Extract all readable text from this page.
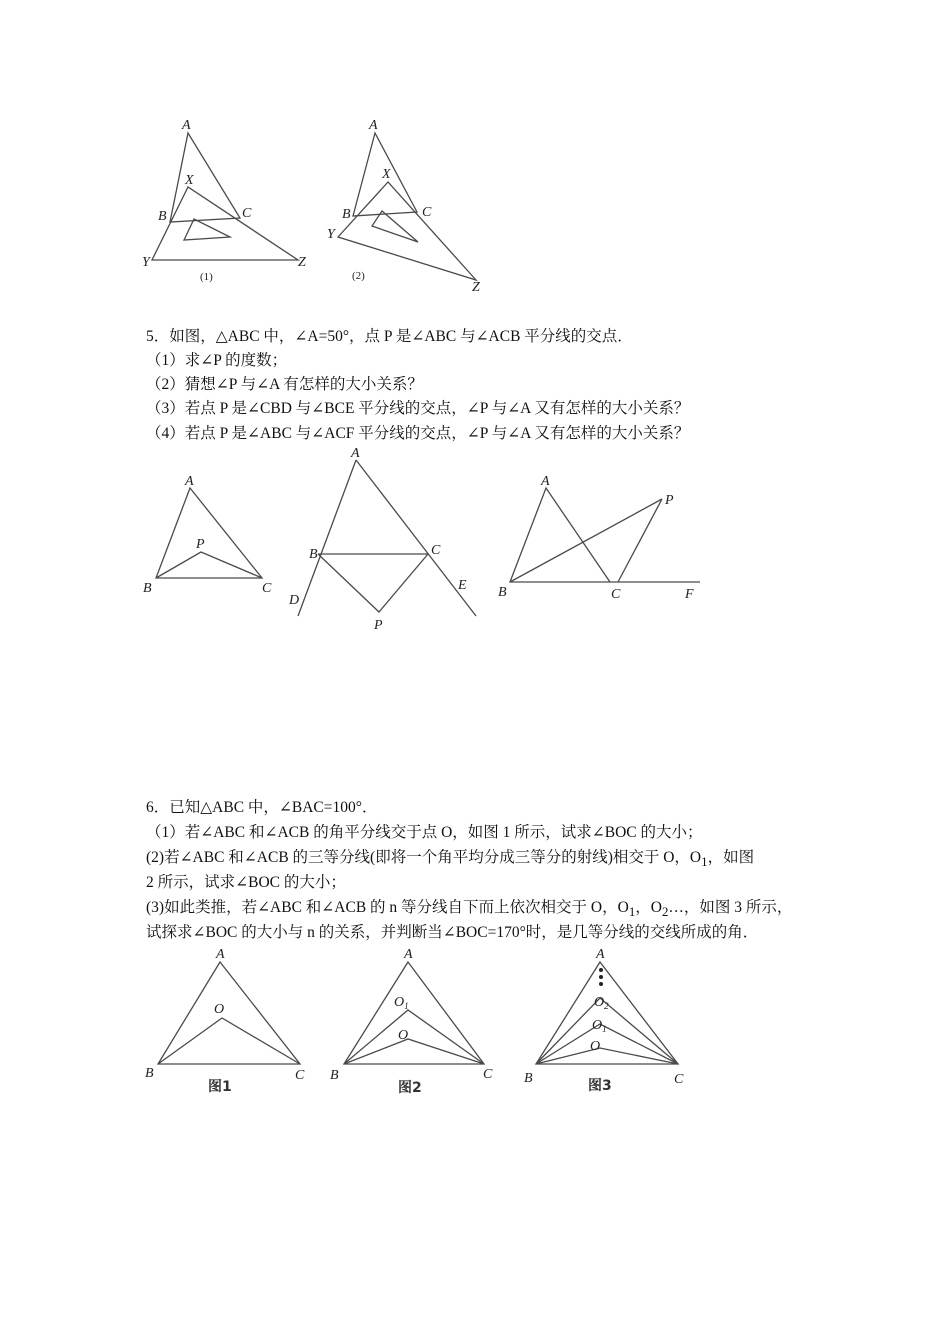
A
X
B	C
Y	Z
(1)
A
X
B	C
Y
Z
(2)
5．如图，△ABC 中，∠A=50°，点 P 是∠ABC 与∠ACB 平分线的交点．
（1）求∠P 的度数；
（2）猜想∠P 与∠A 有怎样的大小关系？
（3）若点 P 是∠CBD 与∠BCE 平分线的交点，∠P 与∠A 又有怎样的大小关系？
（4）若点 P 是∠ABC 与∠ACF 平分线的交点，∠P 与∠A 又有怎样的大小关系？
A
P
B	C
A
B	C
D
E
P
A
P
B	C	F
6．已知△ABC 中，∠BAC=100°．
（1）若∠ABC 和∠ACB 的角平分线交于点 O，如图 1 所示，试求∠BOC 的大小；
(2)若∠ABC 和∠ACB 的三等分线(即将一个角平均分成三等分的射线)相交于 O，$O_1$，如图
2 所示，试求∠BOC 的大小；
(3)如此类推，若∠ABC 和∠ACB 的 n 等分线自下而上依次相交于 O，$O_1$，$O_2\dots$，如图 3 所示，
试探求∠BOC 的大小与 n 的关系，并判断当∠BOC=170°时，是几等分线的交线所成的角．
A
O
B	C
图1
A
$O_1$
O
B	C
图2
A
$O_2$
$O_1$
O
B	C
图3
